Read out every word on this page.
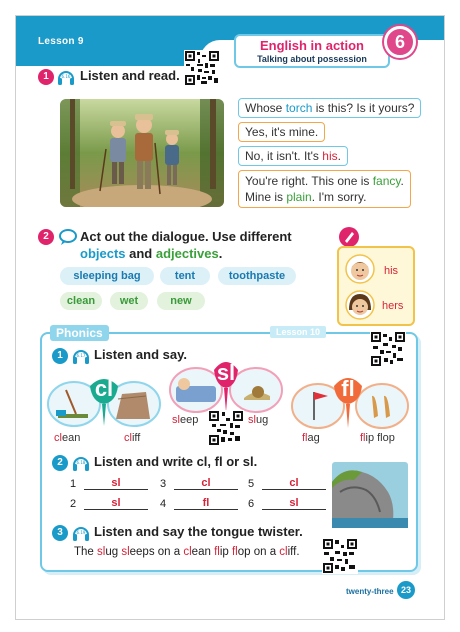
Lesson 9	English in action
Talking about possession
6
1	6.16 Listen and read.
Whose torch is this? Is it yours?
Yes, it's mine.
No, it isn't. It's his.
You're right. This one is fancy.
Mine is plain. I'm sorry.
2	Act out the dialogue. Use different
objects and adjectives.
sleeping bag	tent	toothpaste
clean	wet	new
his
hers
Phonics	Lesson 10
1	6.17 Listen and say.
cl
sl
fl
clean	cliff
sleep	slug
flag	flip flop
2	6.18 Listen and write cl, fl or sl.
1	sl	3	cl	5	cl
2	sl	4	fl	6	sl
3	6.19 Listen and say the tongue twister.
The slug sleeps on a clean flip flop on a cliff.
twenty-three 23
